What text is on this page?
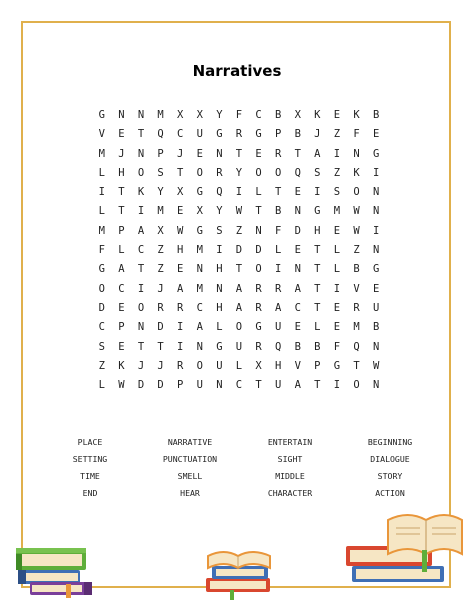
Narratives
G	N	N	M	X	X	Y	F	C	B	X	K	E	K	B
V	E	T	Q	C	U	G	R	G	P	B	J	Z	F	E
M	J	N	P	J	E	N	T	E	R	T	A	I	N	G
L	H	O	S	T	O	R	Y	O	O	Q	S	Z	K	I
I	T	K	Y	X	G	Q	I	L	T	E	I	S	O	N
L	T	I	M	E	X	Y	W	T	B	N	G	M	W	N
M	P	A	X	W	G	S	Z	N	F	D	H	E	W	I
F	L	C	Z	H	M	I	D	D	L	E	T	L	Z	N
G	A	T	Z	E	N	H	T	O	I	N	T	L	B	G
O	C	I	J	A	M	N	A	R	R	A	T	I	V	E
D	E	O	R	R	C	H	A	R	A	C	T	E	R	U
C	P	N	D	I	A	L	O	G	U	E	L	E	M	B
S	E	T	T	I	N	G	U	R	Q	B	B	F	Q	N
Z	K	J	J	R	O	U	L	X	H	V	P	G	T	W
L	W	D	D	P	U	N	C	T	U	A	T	I	O	N
PLACE	NARRATIVE	ENTERTAIN	BEGINNING
SETTING	PUNCTUATION	SIGHT	DIALOGUE
TIME	SMELL	MIDDLE	STORY
END	HEAR	CHARACTER	ACTION
